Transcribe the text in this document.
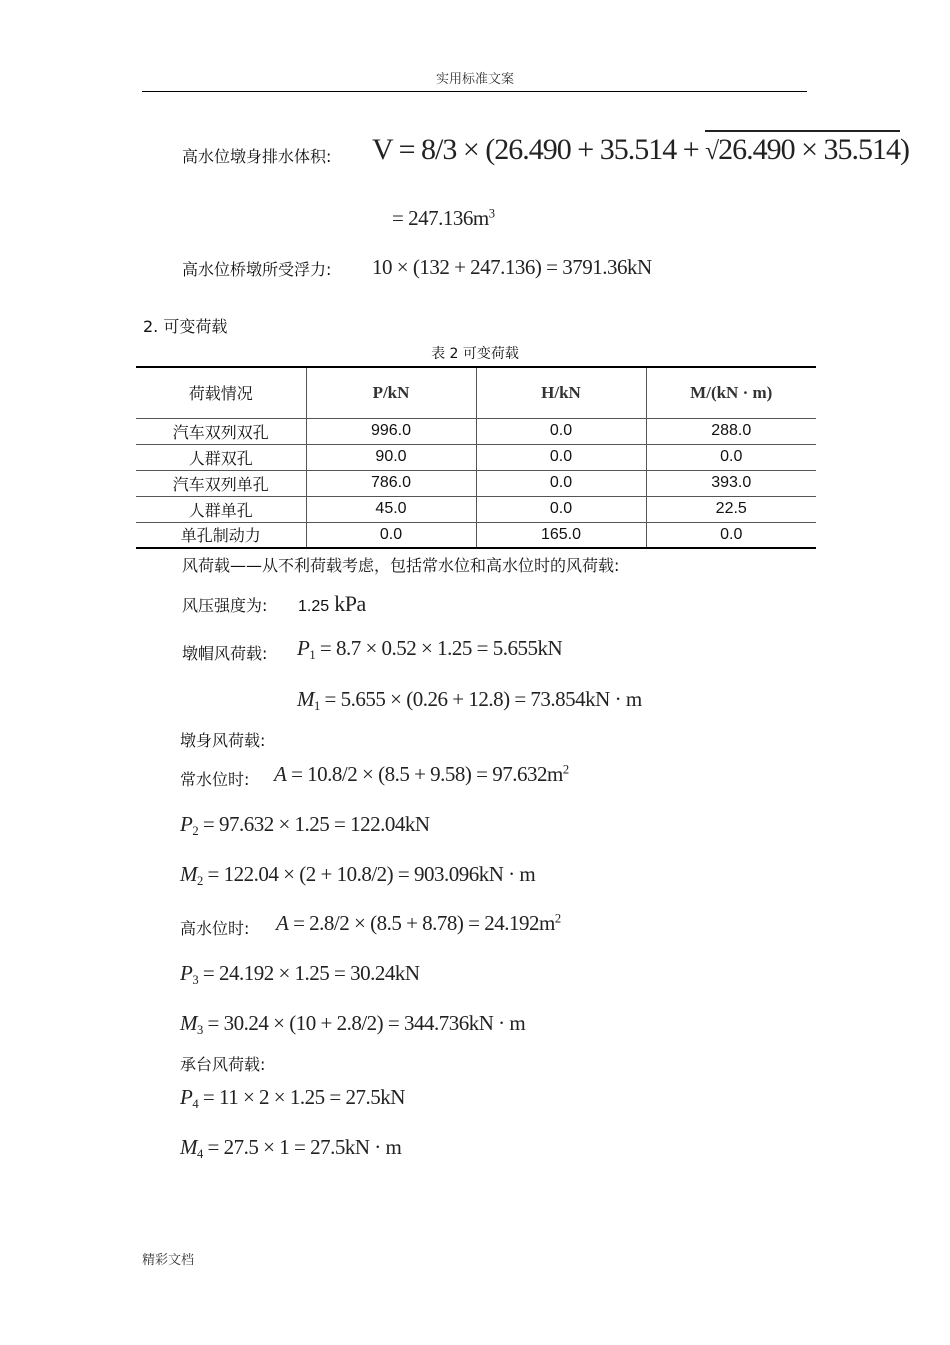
实用标准文案
高水位墩身排水体积: V = 8/3 × (26.490 + 35.514 + √26.490 × 35.514)
= $247.136m^3$
高水位桥墩所受浮力: 10 × (132 + 247.136) = 3791.36kN
2. 可变荷载
表 2 可变荷载
荷载情况	P/kN	H/kN	M/(kN · m)
汽车双列双孔	996.0	0.0	288.0
人群双孔	90.0	0.0	0.0
汽车双列单孔	786.0	0.0	393.0
人群单孔	45.0	0.0	22.5
单孔制动力	0.0	165.0	0.0
风荷载——从不利荷载考虑，包括常水位和高水位时的风荷载:
风压强度为: 1.25 kPa
墩帽风荷载: $P_1 = 8.7 \times 0.52 \times 1.25 = 5.655kN$
$M_1 = 5.655 \times (0.26 + 12.8) = 73.854kN \cdot m$
墩身风荷载:
常水位时: $A = 10.8/2 \times (8.5 + 9.58) = 97.632m^2$
$P_2 = 97.632 \times 1.25 = 122.04kN$
$M_2 = 122.04 \times (2 + 10.8/2) = 903.096kN \cdot m$
高水位时: $A = 2.8/2 \times (8.5 + 8.78) = 24.192m^2$
$P_3 = 24.192 \times 1.25 = 30.24kN$
$M_3 = 30.24 \times (10 + 2.8/2) = 344.736kN \cdot m$
承台风荷载:
$P_4 = 11 \times 2 \times 1.25 = 27.5kN$
$M_4 = 27.5 \times 1 = 27.5kN \cdot m$
精彩文档
